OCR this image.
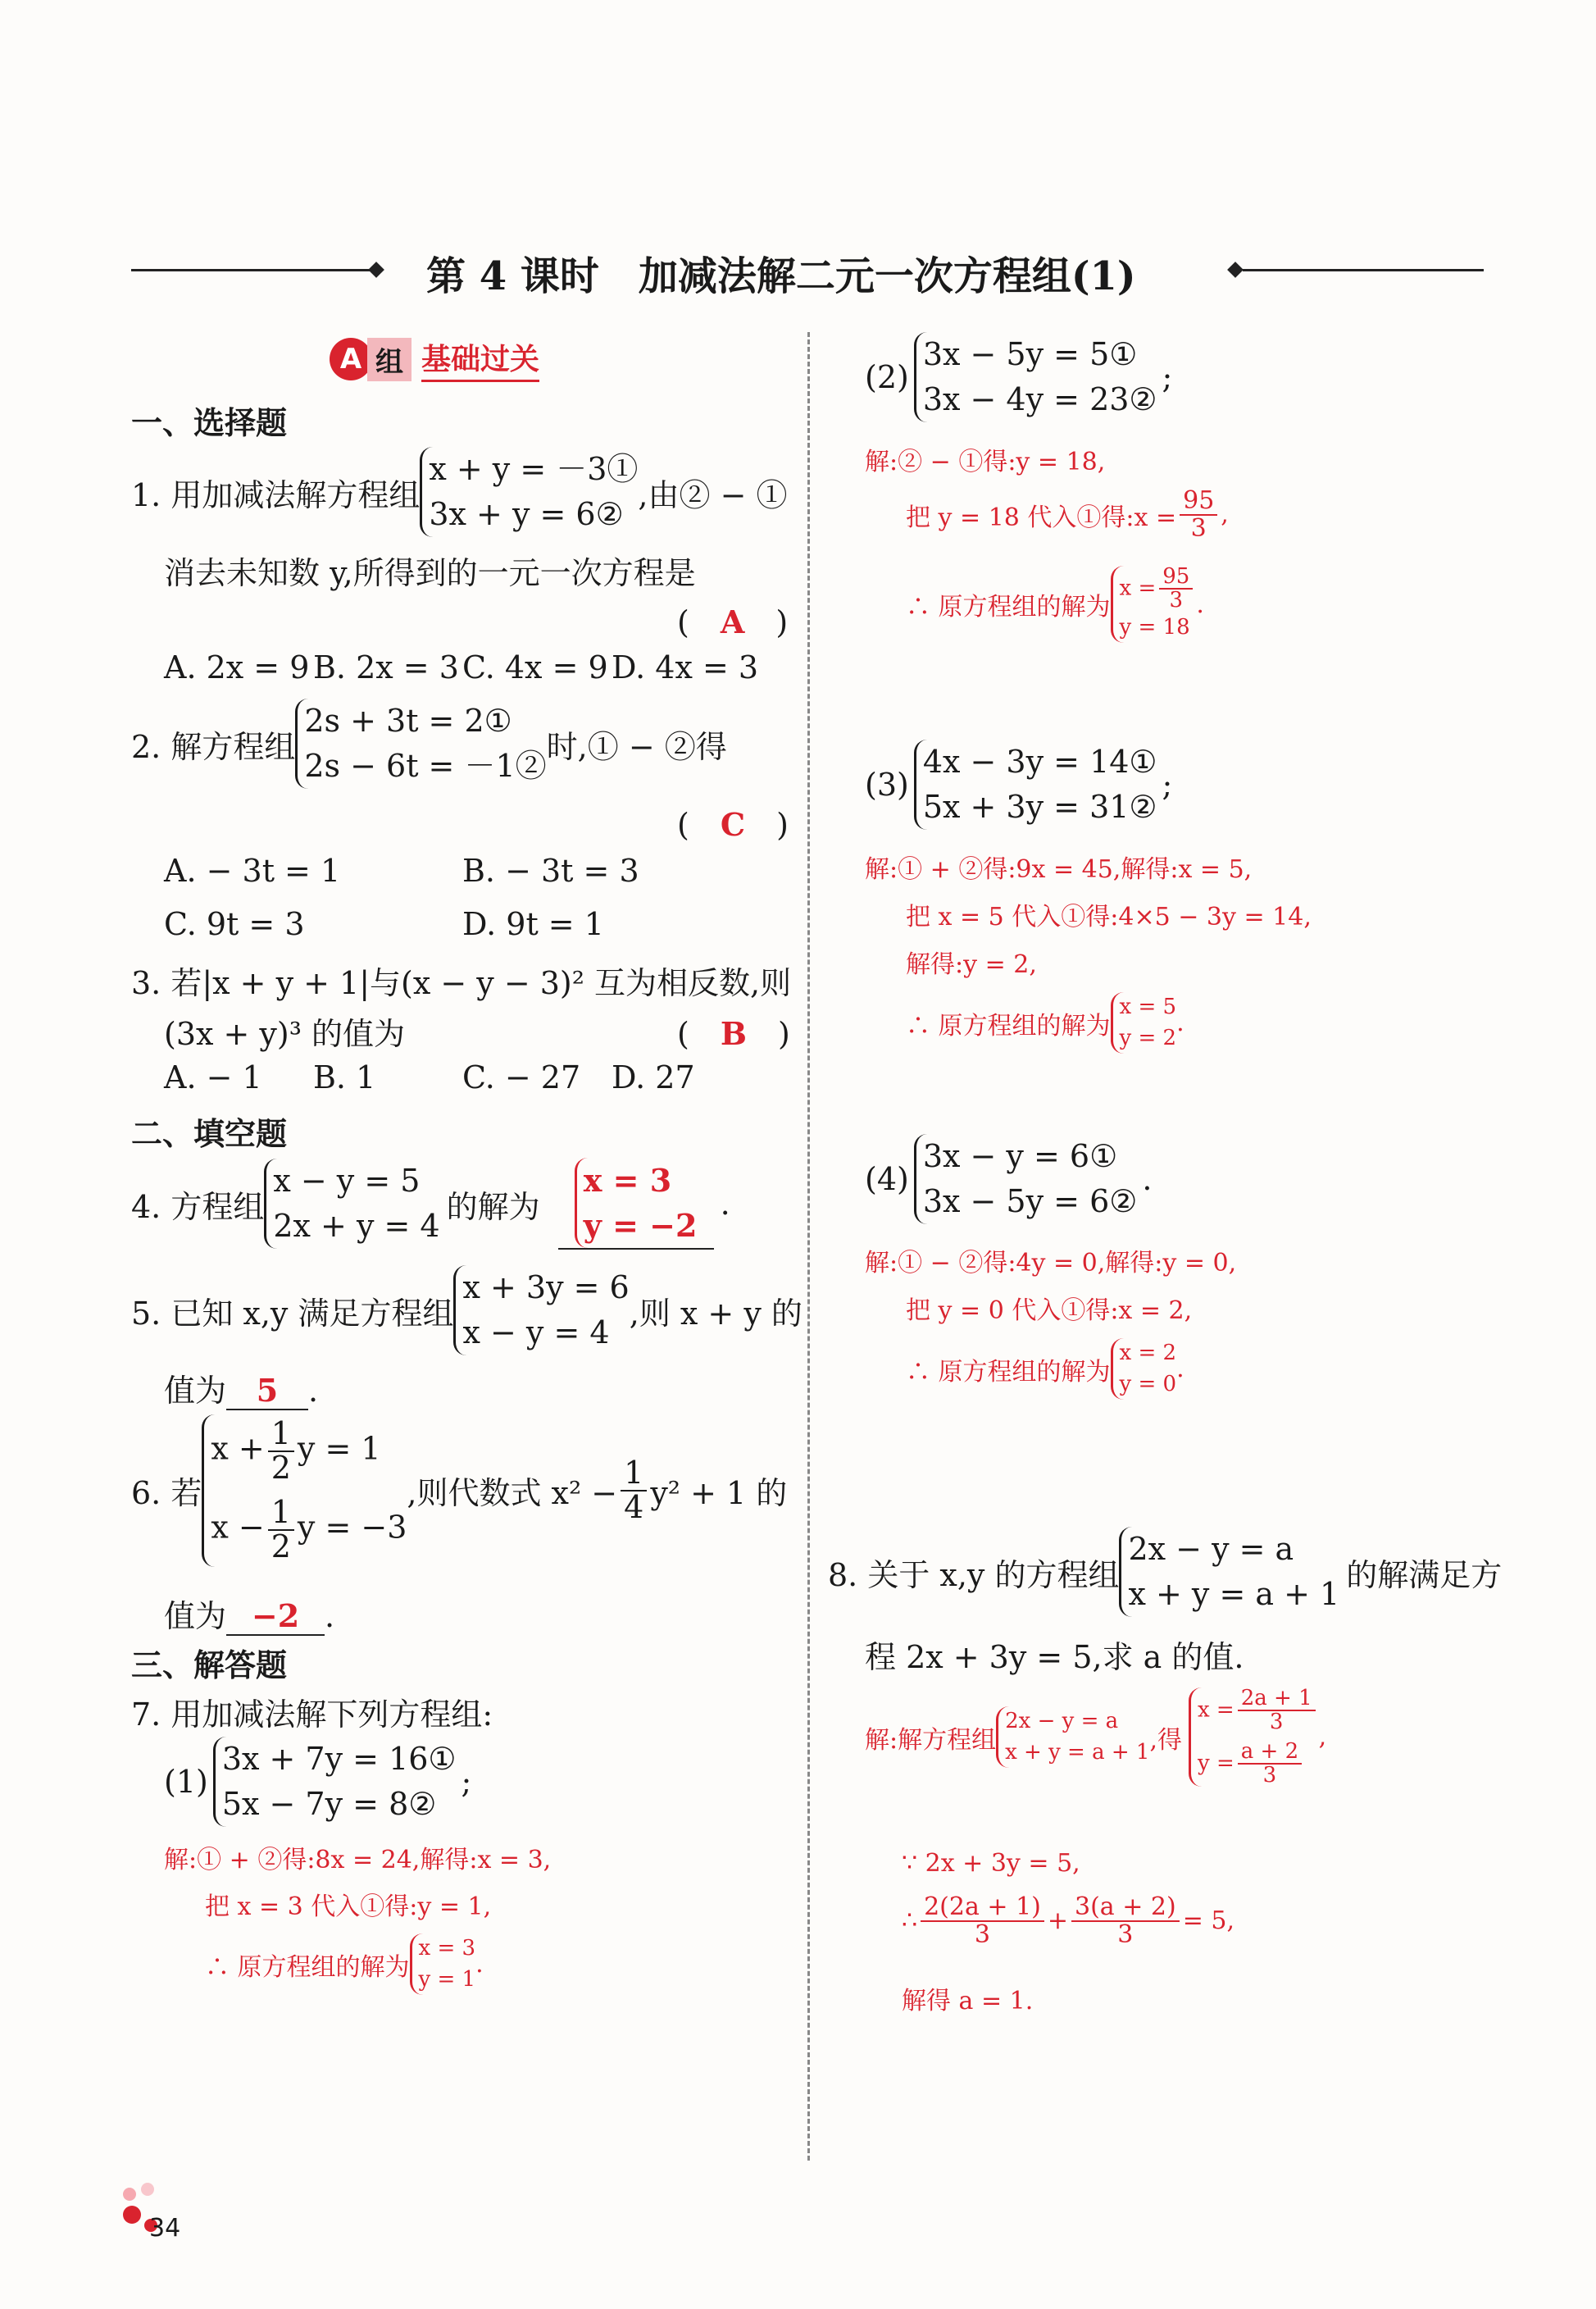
第 4 课时　加减法解二元一次方程组(1)
A 组 基础过关
一、选择题
1. 用加减法解方程组
x + y = －3①
3x + y = 6②
,由② − ①
消去未知数 y,所得到的一元一次方程是
(　A　)
A. 2x = 9 B. 2x = 3 C. 4x = 9 D. 4x = 3
2. 解方程组
2s + 3t = 2①
2s − 6t = －1②
时,① − ②得
(　C　)
A. − 3t = 1	B. − 3t = 3
C. 9t = 3	D. 9t = 1
3. 若|x + y + 1|与(x − y − 3)² 互为相反数,则
(3x + y)³ 的值为	(　B　)
A. − 1 B. 1	C. − 27 D. 27
二、填空题
4. 方程组
x − y = 5
2x + y = 4
的解为
x = 3
y = −2
.
5. 已知 x,y 满足方程组
x + 3y = 6
x − y = 4
,则 x + y 的
值为 5 .
6. 若
$x + \frac{1}{2}$ y = 1
$x - \frac{1}{2}$ y = −3
,则代数式 $x^2 - \frac{1}{4} y^2 + 1$ 的
值为 −2 .
三、解答题
7. 用加减法解下列方程组:
(1)
3x + 7y = 16①
5x − 7y = 8②
;
解:① + ②得:8x = 24,解得:x = 3,
把 x = 3 代入①得:y = 1,
∴ 原方程组的解为
x = 3
y = 1
.
(2)
3x − 5y = 5①
3x − 4y = 23②
;
解:② − ①得:y = 18,
把 y = 18 代入①得:x = $\frac{95}{3}$ ,
∴ 原方程组的解为
$x = \frac{95}{3}$
y = 18
.
(3)
4x − 3y = 14①
5x + 3y = 31②
;
解:① + ②得:9x = 45,解得:x = 5,
把 x = 5 代入①得:4×5 − 3y = 14,
解得:y = 2,
∴ 原方程组的解为
x = 5
y = 2
.
(4)
3x − y = 6①
3x − 5y = 6②
.
解:① − ②得:4y = 0,解得:y = 0,
把 y = 0 代入①得:x = 2,
∴ 原方程组的解为
x = 2
y = 0
.
8. 关于 x,y 的方程组
2x − y = a
x + y = a + 1
的解满足方
程 2x + 3y = 5,求 a 的值.
解:解方程组
2x − y = a
x + y = a + 1 ,得
$x = \frac{2a + 1}{3}$
$y = \frac{a + 2}{3}$
,
∵ 2x + 3y = 5,
∴ $\frac{2(2a + 1)}{3} + \frac{3(a + 2)}{3} = 5$,
解得 a = 1.
34
